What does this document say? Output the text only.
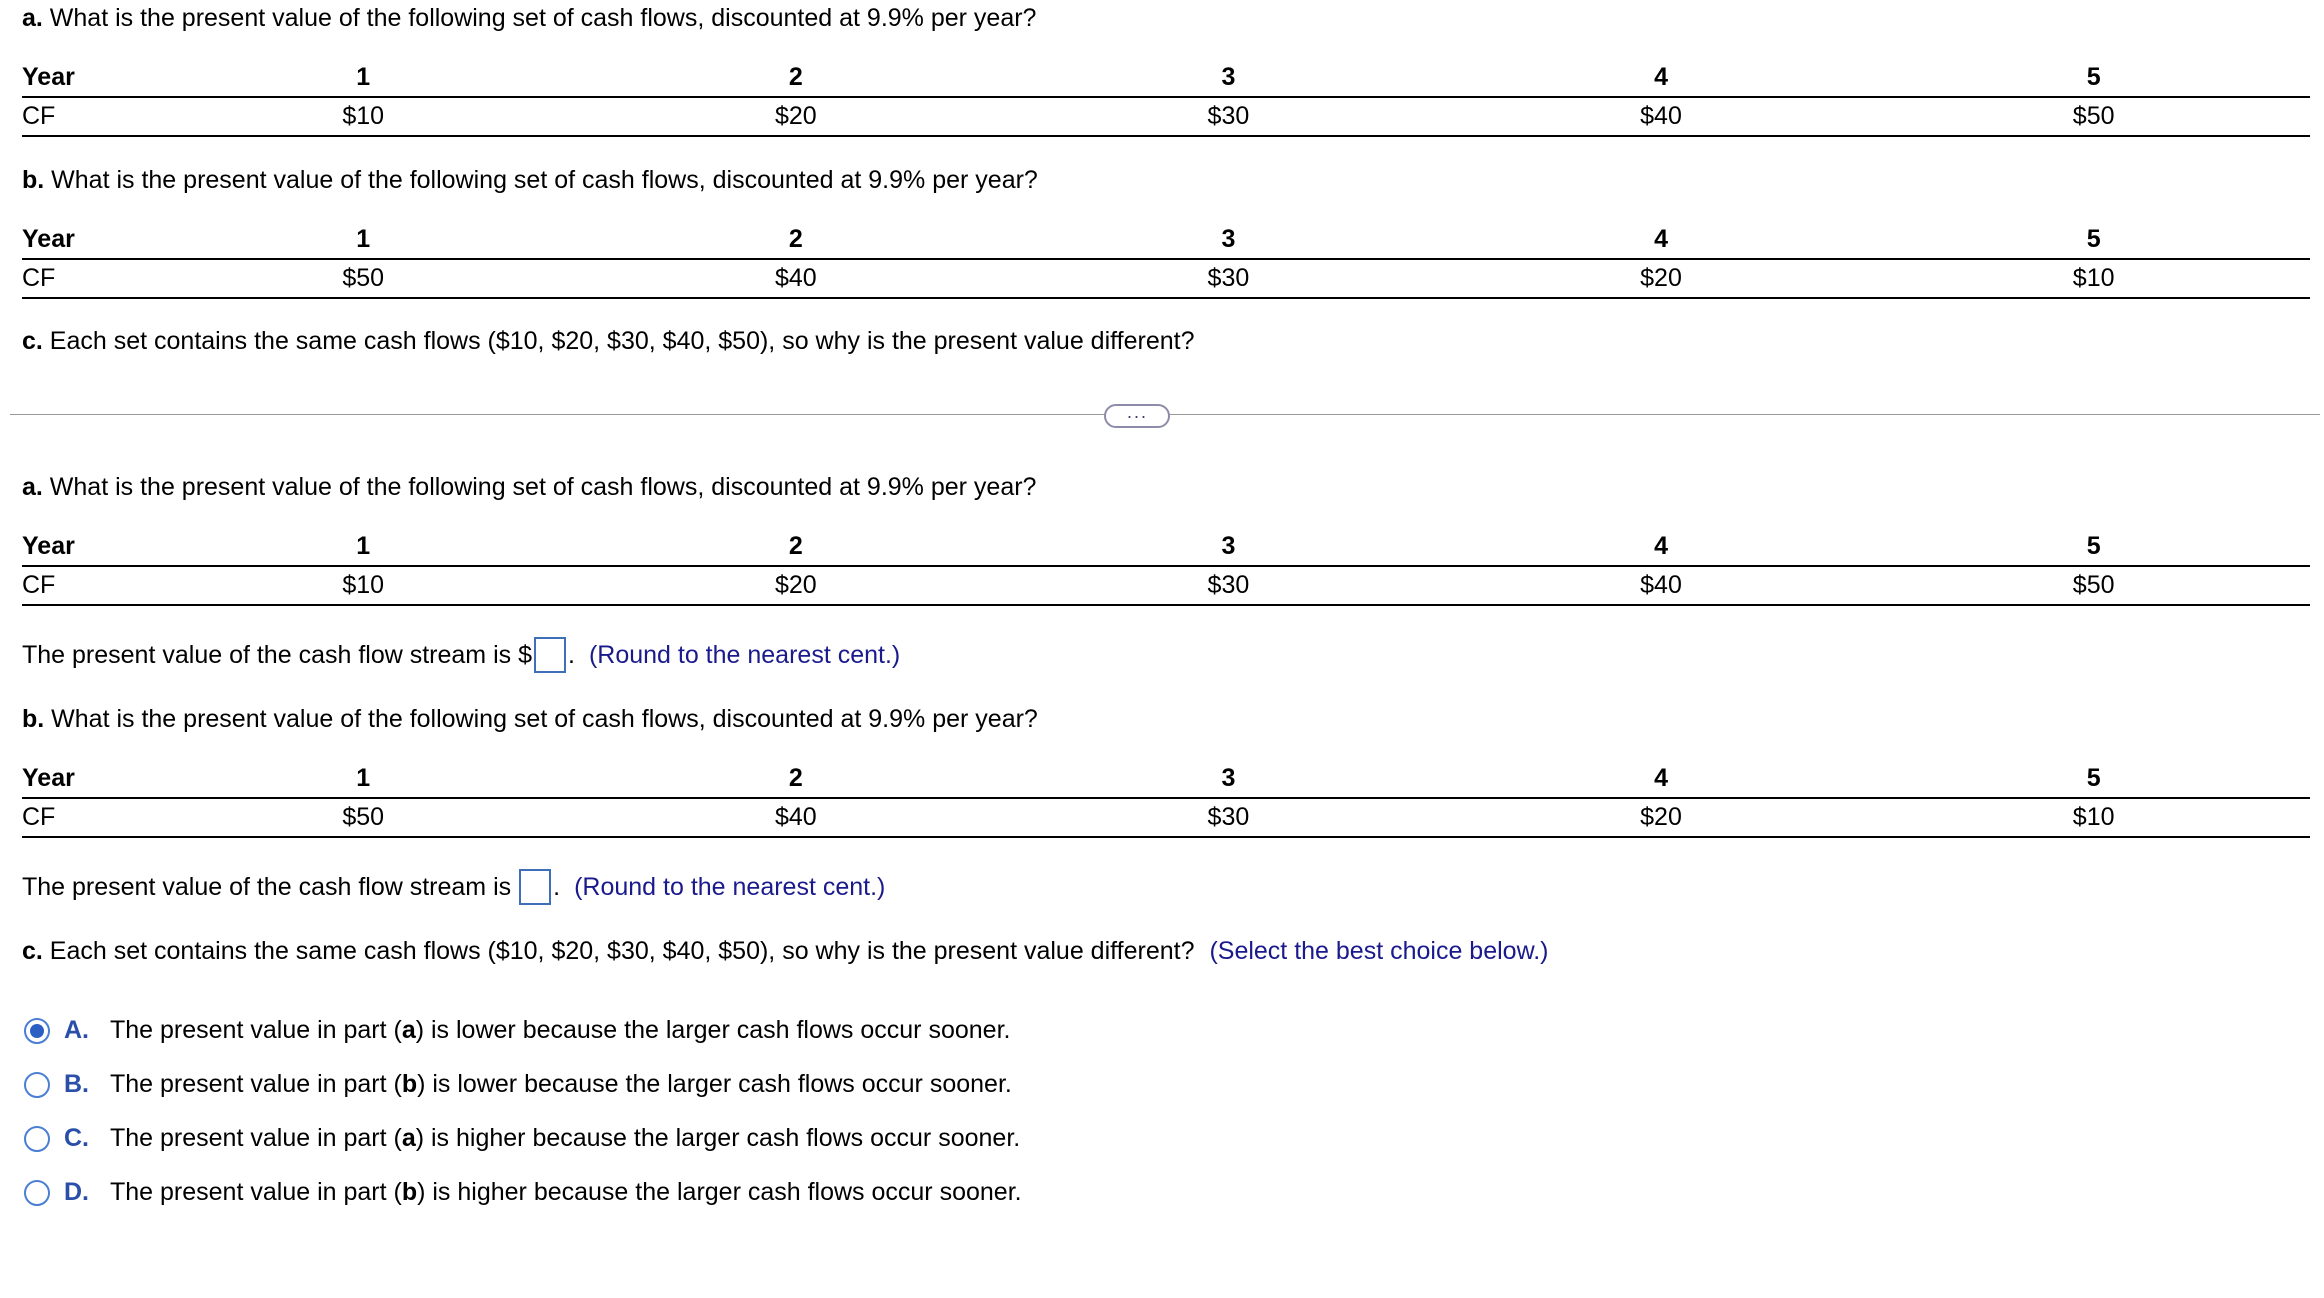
a. What is the present value of the following set of cash flows, discounted at 9.9% per year?
Year	1	2	3	4	5
CF	$10	$20	$30	$40	$50
b. What is the present value of the following set of cash flows, discounted at 9.9% per year?
Year	1	2	3	4	5
CF	$50	$40	$30	$20	$10
c. Each set contains the same cash flows ($10, $20, $30, $40, $50), so why is the present value different?
···
a. What is the present value of the following set of cash flows, discounted at 9.9% per year?
Year	1	2	3	4	5
CF	$10	$20	$30	$40	$50
The present value of the cash flow stream is $ . (Round to the nearest cent.)
b. What is the present value of the following set of cash flows, discounted at 9.9% per year?
Year	1	2	3	4	5
CF	$50	$40	$30	$20	$10
The present value of the cash flow stream is . (Round to the nearest cent.)
c. Each set contains the same cash flows ($10, $20, $30, $40, $50), so why is the present value different? (Select the best choice below.)
A. The present value in part ( a ) is lower because the larger cash flows occur sooner.
B. The present value in part ( b ) is lower because the larger cash flows occur sooner.
C. The present value in part ( a ) is higher because the larger cash flows occur sooner.
D. The present value in part ( b ) is higher because the larger cash flows occur sooner.
